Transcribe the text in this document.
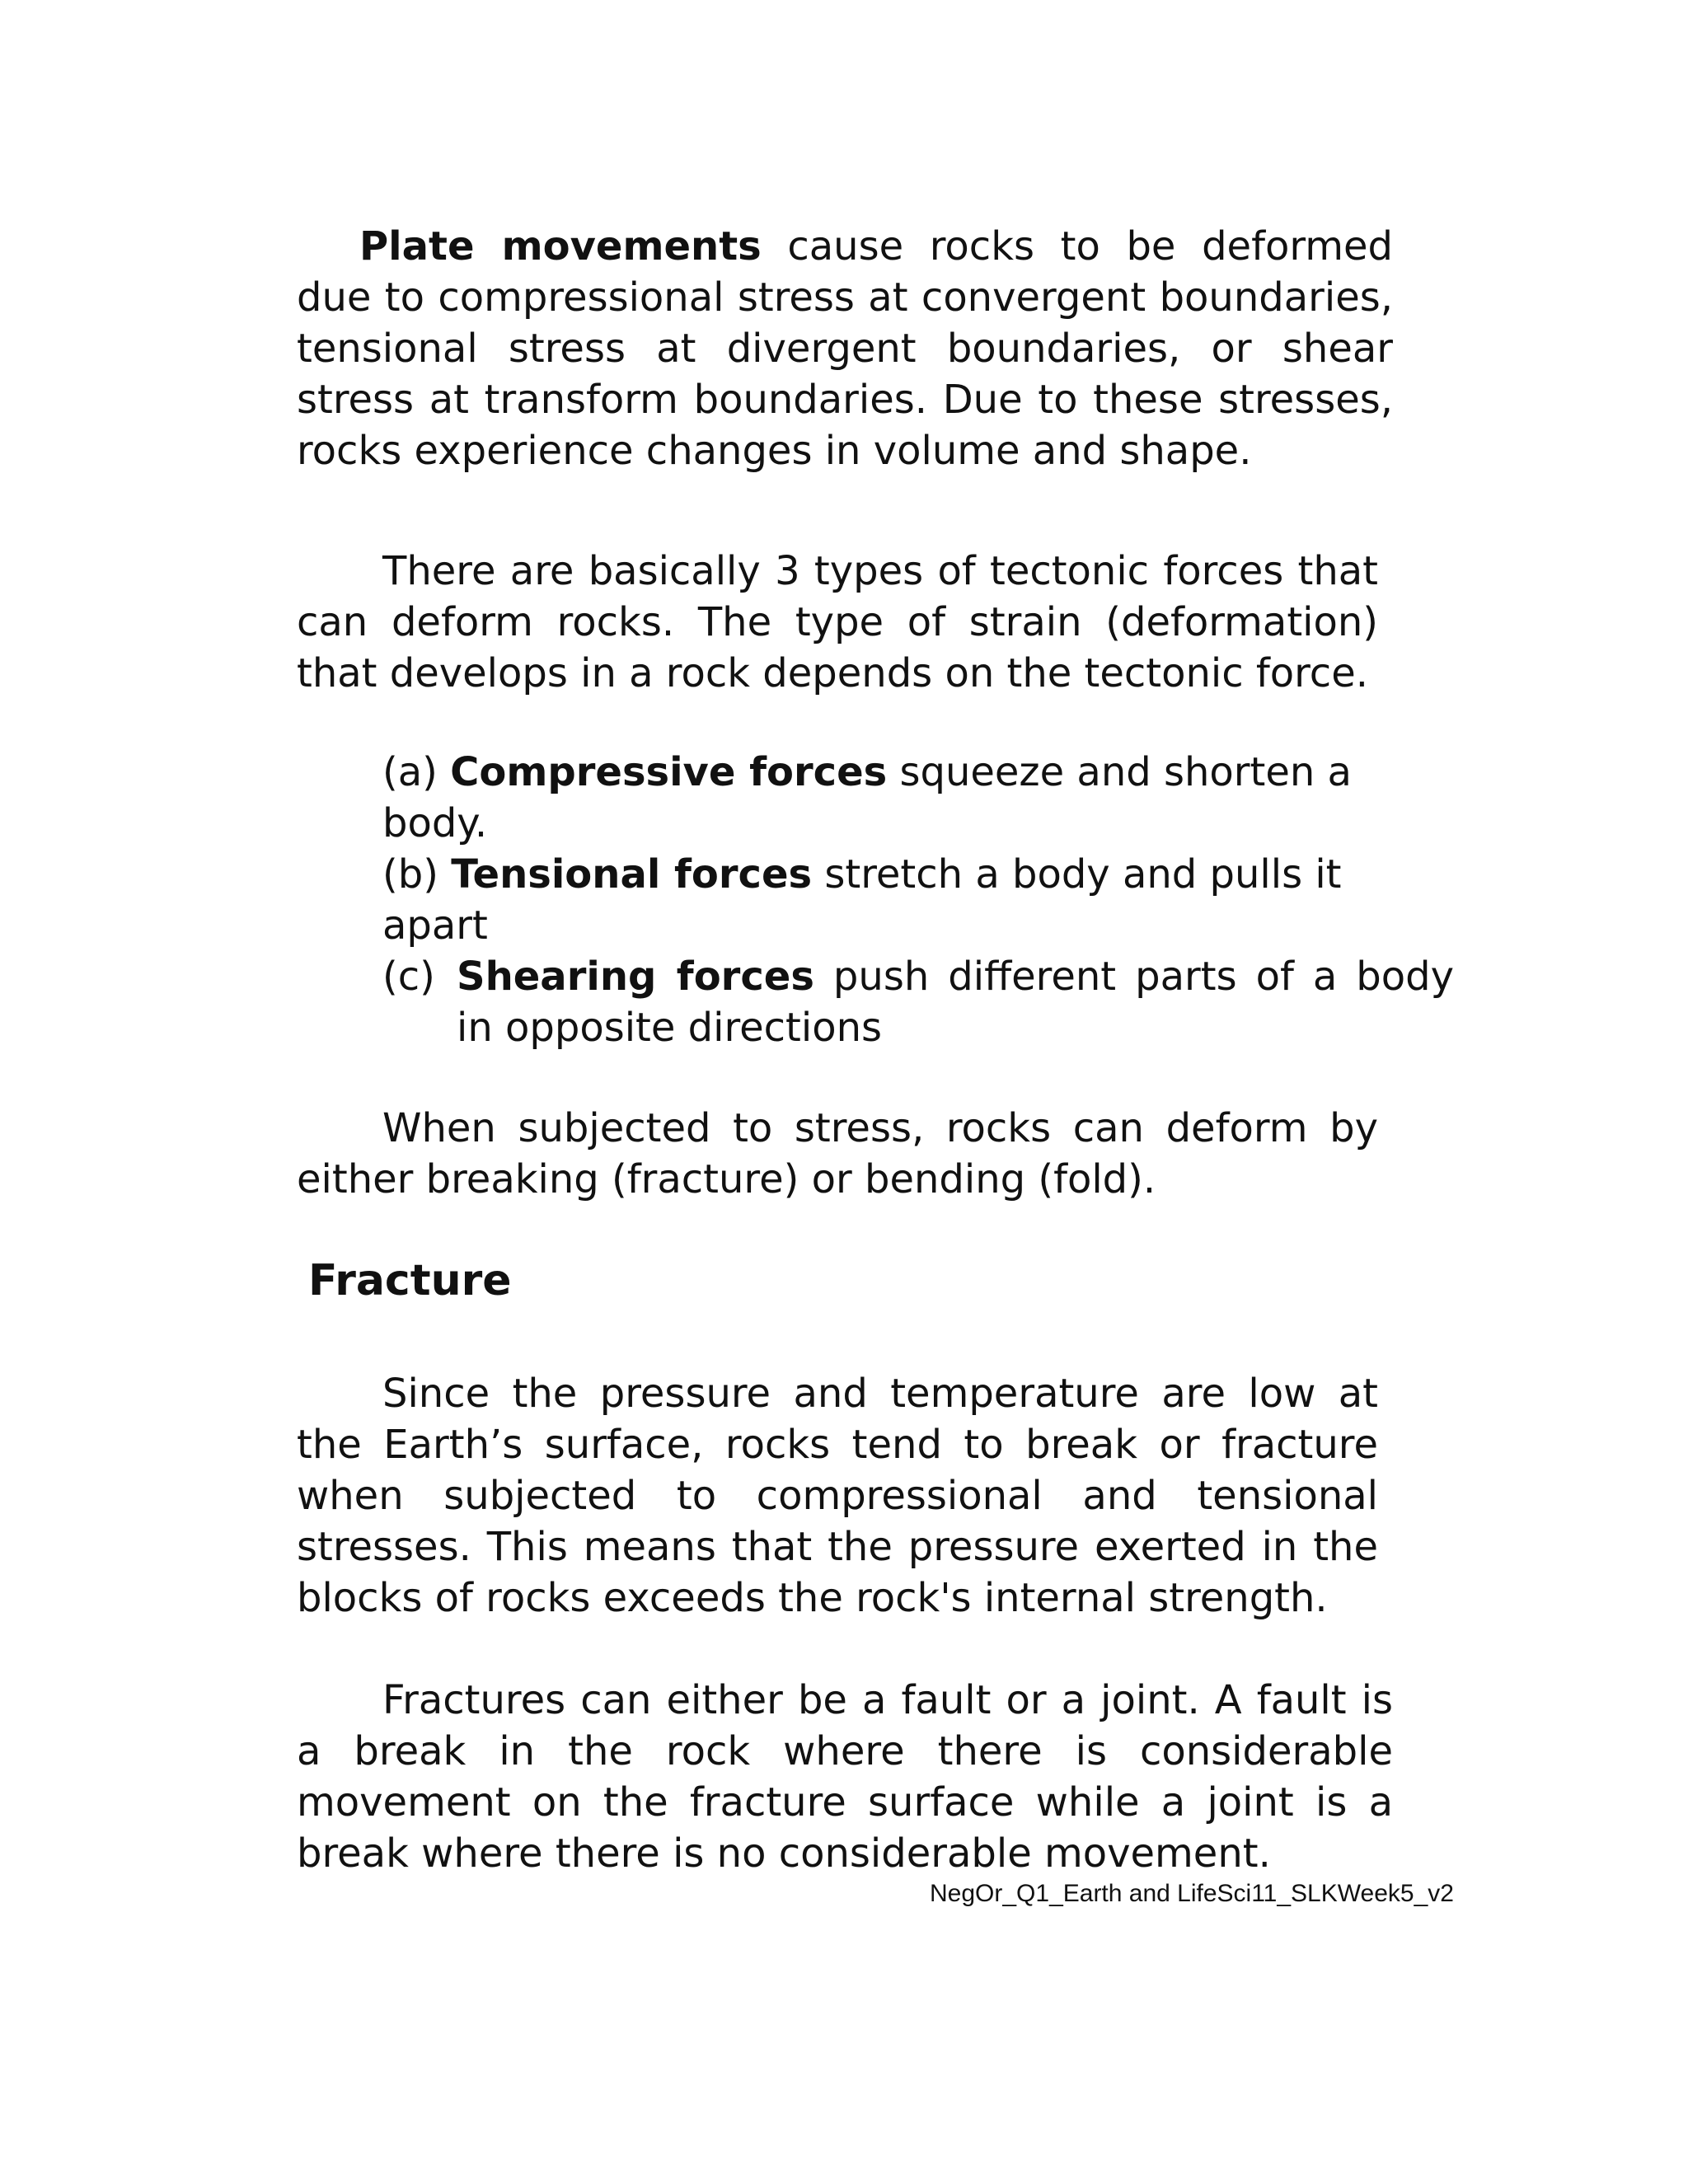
Plate movements cause rocks to be deformed due to compressional stress at convergent boundaries, tensional stress at divergent boundaries, or shear stress at transform boundaries. Due to these stresses, rocks experience changes in volume and shape.

There are basically 3 types of tectonic forces that can deform rocks. The type of strain (deformation) that develops in a rock depends on the tectonic force.

(a) Compressive forces squeeze and shorten a body.

(b) Tensional forces stretch a body and pulls it apart

(c) Shearing forces push different parts of a body in opposite directions

When subjected to stress, rocks can deform by either breaking (fracture) or bending (fold).

Fracture

Since the pressure and temperature are low at the Earth’s surface, rocks tend to break or fracture when subjected to compressional and tensional stresses. This means that the pressure exerted in the blocks of rocks exceeds the rock's internal strength.

Fractures can either be a fault or a joint. A fault is a break in the rock where there is considerable movement on the fracture surface while a joint is a break where there is no considerable movement.

NegOr_Q1_Earth and LifeSci11_SLKWeek5_v2
